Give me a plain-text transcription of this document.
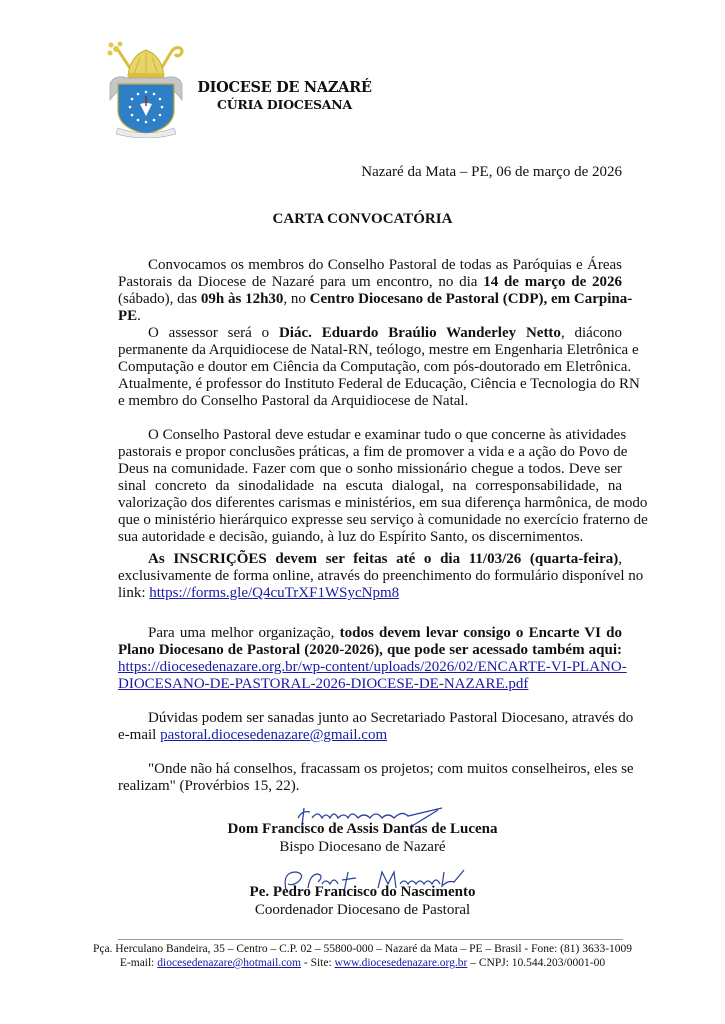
DIOCESE DE NAZARÉ
CÚRIA DIOCESANA
Nazaré da Mata – PE, 06 de março de 2026
CARTA CONVOCATÓRIA
Convocamos os membros do Conselho Pastoral de todas as Paróquias e Áreas
Pastorais da Diocese de Nazaré para um encontro, no dia 14 de março de 2026
(sábado), das 09h às 12h30, no Centro Diocesano de Pastoral (CDP), em Carpina-
PE.
O assessor será o Diác. Eduardo Braúlio Wanderley Netto, diácono
permanente da Arquidiocese de Natal-RN, teólogo, mestre em Engenharia Eletrônica e
Computação e doutor em Ciência da Computação, com pós-doutorado em Eletrônica.
Atualmente, é professor do Instituto Federal de Educação, Ciência e Tecnologia do RN
e membro do Conselho Pastoral da Arquidiocese de Natal.
O Conselho Pastoral deve estudar e examinar tudo o que concerne às atividades
pastorais e propor conclusões práticas, a fim de promover a vida e a ação do Povo de
Deus na comunidade. Fazer com que o sonho missionário chegue a todos. Deve ser
sinal concreto da sinodalidade na escuta dialogal, na corresponsabilidade, na
valorização dos diferentes carismas e ministérios, em sua diferença harmônica, de modo
que o ministério hierárquico expresse seu serviço à comunidade no exercício fraterno de
sua autoridade e decisão, guiando, à luz do Espírito Santo, os discernimentos.
As INSCRIÇÕES devem ser feitas até o dia 11/03/26 (quarta-feira),
exclusivamente de forma online, através do preenchimento do formulário disponível no
link: https://forms.gle/Q4cuTrXF1WSycNpm8
Para uma melhor organização, todos devem levar consigo o Encarte VI do
Plano Diocesano de Pastoral (2020-2026), que pode ser acessado também aqui:
https://diocesedenazare.org.br/wp-content/uploads/2026/02/ENCARTE-VI-PLANO-
DIOCESANO-DE-PASTORAL-2026-DIOCESE-DE-NAZARE.pdf
Dúvidas podem ser sanadas junto ao Secretariado Pastoral Diocesano, através do
e-mail pastoral.diocesedenazare@gmail.com
"Onde não há conselhos, fracassam os projetos; com muitos conselheiros, eles se
realizam" (Provérbios 15, 22).
Dom Francisco de Assis Dantas de Lucena
Bispo Diocesano de Nazaré
Pe. Pedro Francisco do Nascimento
Coordenador Diocesano de Pastoral
Pça. Herculano Bandeira, 35 – Centro – C.P. 02 – 55800-000 – Nazaré da Mata – PE – Brasil - Fone: (81) 3633-1009
E-mail: diocesedenazare@hotmail.com - Site: www.diocesedenazare.org.br – CNPJ: 10.544.203/0001-00
